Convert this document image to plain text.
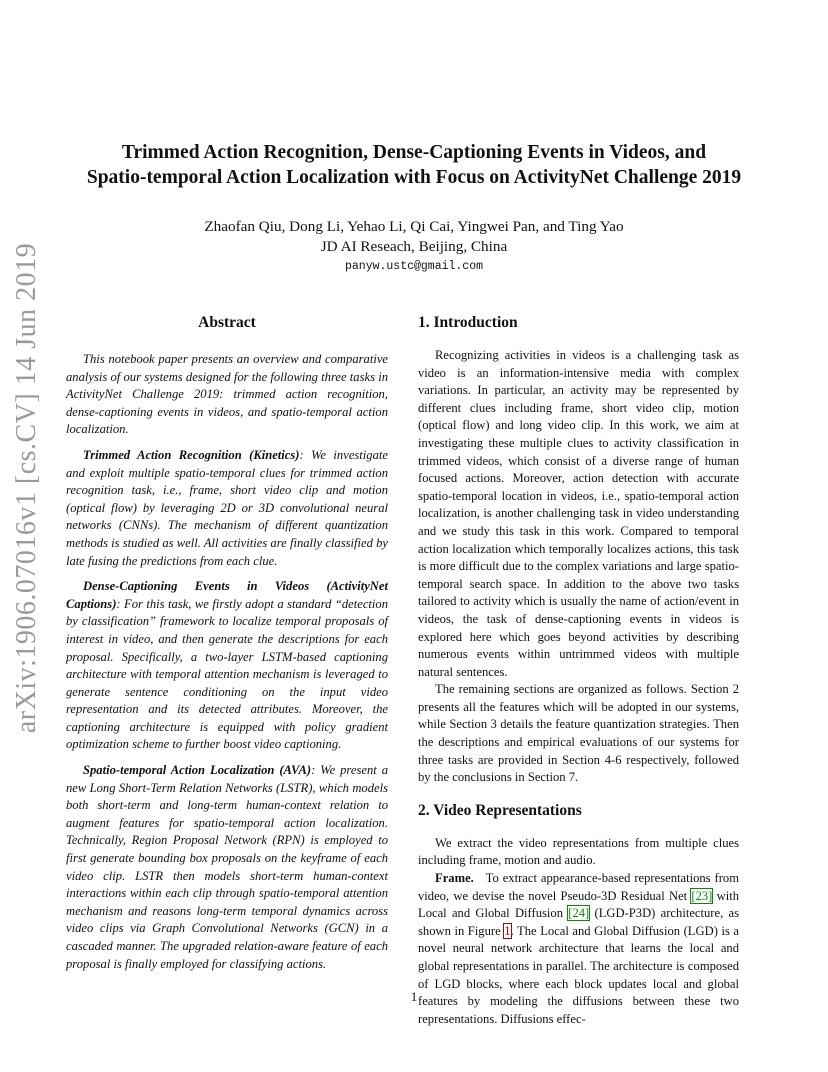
arXiv:1906.07016v1 [cs.CV] 14 Jun 2019
Trimmed Action Recognition, Dense-Captioning Events in Videos, and
Spatio-temporal Action Localization with Focus on ActivityNet Challenge 2019
Zhaofan Qiu, Dong Li, Yehao Li, Qi Cai, Yingwei Pan, and Ting Yao
JD AI Reseach, Beijing, China
panyw.ustc@gmail.com
Abstract

This notebook paper presents an overview and comparative analysis of our systems designed for the following three tasks in ActivityNet Challenge 2019: trimmed action recognition, dense-captioning events in videos, and spatio-temporal action localization.

Trimmed Action Recognition (Kinetics): We investigate and exploit multiple spatio-temporal clues for trimmed action recognition task, i.e., frame, short video clip and motion (optical flow) by leveraging 2D or 3D convolutional neural networks (CNNs). The mechanism of different quantization methods is studied as well. All activities are finally classified by late fusing the predictions from each clue.

Dense-Captioning Events in Videos (ActivityNet Captions): For this task, we firstly adopt a standard “detection by classification” framework to localize temporal proposals of interest in video, and then generate the descriptions for each proposal. Specifically, a two-layer LSTM-based captioning architecture with temporal attention mechanism is leveraged to generate sentence conditioning on the input video representation and its detected attributes. Moreover, the captioning architecture is equipped with policy gradient optimization scheme to further boost video captioning.

Spatio-temporal Action Localization (AVA): We present a new Long Short-Term Relation Networks (LSTR), which models both short-term and long-term human-context relation to augment features for spatio-temporal action localization. Technically, Region Proposal Network (RPN) is employed to first generate bounding box proposals on the keyframe of each video clip. LSTR then models short-term human-context interactions within each clip through spatio-temporal attention mechanism and reasons long-term temporal dynamics across video clips via Graph Convolutional Networks (GCN) in a cascaded manner. The upgraded relation-aware feature of each proposal is finally employed for classifying actions.

1. Introduction

Recognizing activities in videos is a challenging task as video is an information-intensive media with complex variations. In particular, an activity may be represented by different clues including frame, short video clip, motion (optical flow) and long video clip. In this work, we aim at investigating these multiple clues to activity classification in trimmed videos, which consist of a diverse range of human focused actions. Moreover, action detection with accurate spatio-temporal location in videos, i.e., spatio-temporal action localization, is another challenging task in video understanding and we study this task in this work. Compared to temporal action localization which temporally localizes actions, this task is more difficult due to the complex variations and large spatio-temporal search space. In addition to the above two tasks tailored to activity which is usually the name of action/event in videos, the task of dense-captioning events in videos is explored here which goes beyond activities by describing numerous events within untrimmed videos with multiple natural sentences.

The remaining sections are organized as follows. Section 2 presents all the features which will be adopted in our systems, while Section 3 details the feature quantization strategies. Then the descriptions and empirical evaluations of our systems for three tasks are provided in Section 4-6 respectively, followed by the conclusions in Section 7.

2. Video Representations

We extract the video representations from multiple clues including frame, motion and audio.

Frame. To extract appearance-based representations from video, we devise the novel Pseudo-3D Residual Net [23] with Local and Global Diffusion [24] (LGD-P3D) architecture, as shown in Figure 1. The Local and Global Diffusion (LGD) is a novel neural network architecture that learns the local and global representations in parallel. The architecture is composed of LGD blocks, where each block updates local and global features by modeling the diffusions between these two representations. Diffusions effec-

1
